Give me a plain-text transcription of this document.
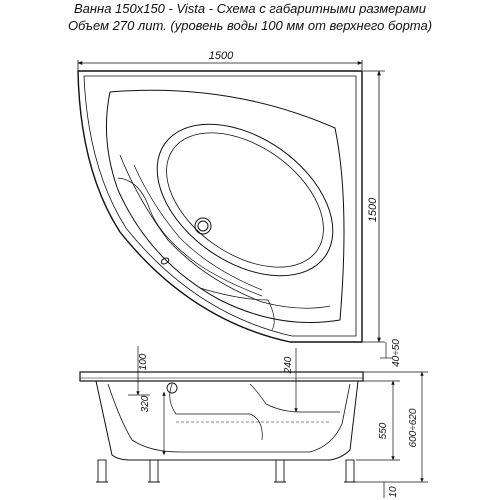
Ванна 150x150 - Vista - Схема с габаритными размерами
Объем 270 лит. (уровень воды 100 мм от верхнего борта)
1500
1500
40÷50
100
320
240
550 600÷620
10
